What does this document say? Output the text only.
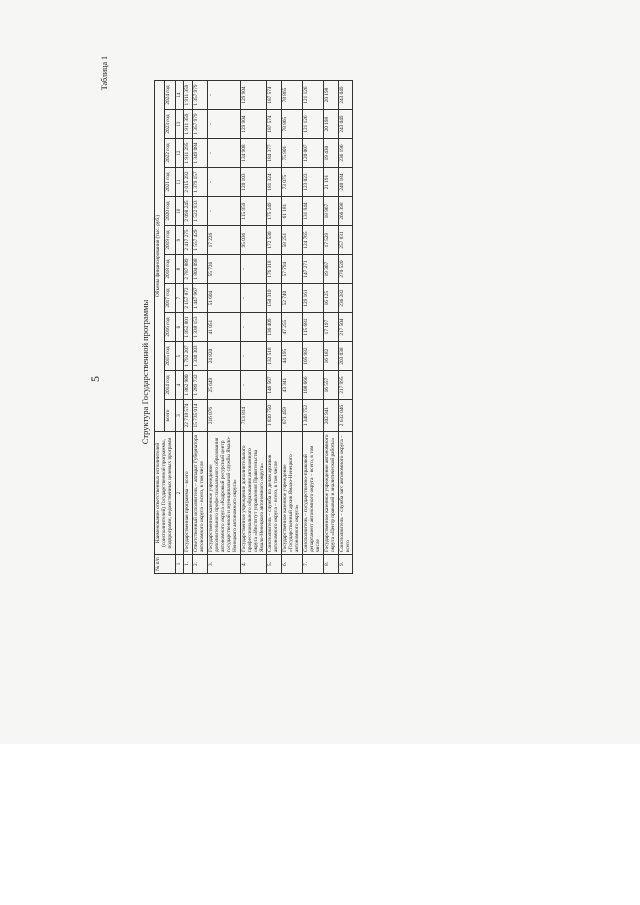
5
Таблица 1
Структура Государственной программы
№ п/п	Наименование ответственных исполнителей (соисполнителей) Государственной программы, подпрограмм, ведомственных целевых программ	Объемы финансирования (тыс. руб.)											
		всего	2014 год	2015 год	2016 год	2017 год	2018 год	2019 год	2020 год	2021 год	2022 год	2023 год	2024 год
1	2	3	4	5	6	7	8	9	10	11	12	13	14
1.	Государственная программа – всего	22 718 574	1 862 980	1 792 207	1 852 801	2 157 872	2 787 889	2 417 275	2 098 245	2 015 292	1 911 295	1 911 359	1 911 359
2.	Ответственный исполнитель – аппарат Губернатора автономного округа – всего, в том числе	15 735 014	1 289 732	1 330 303	1 338 153	1 447 967	1 804 098	1 557 429	1 522 933	1 379 157	1 349 084	1 357 979	1 357 979
3.	Государственное казенное учреждение дополнительного профессионального образования автономного округа «Кадровый ресурсный центр государственной и муниципальной службы Ямало-Ненецкого автономного округа»	216 076	25 649	24 820	41 051	51 604	55 726	17 226	-	-	-	-	-
4.	Государственное учреждение дополнительного профессионального образования автономного округа «Институт управления Правительства Ямало-Ненецкого автономного округа»	713 814	-	-	-	-	-	95 036	115 959	120 103	134 908	129 904	129 904
5.	Соисполнитель – служба по делам архивов автономного округа – всего, в том числе	1 830 750	146 567	132 518	136 409	150 310	176 318	172 530	175 249	181 324	184 377	187 574	187 574
6.	Государственное казенное учреждение «Государственный архив Ямало-Ненецкого автономного округа»	671 459	43 341	44 195	47 255	52 740	57 794	58 251	61 181	73 075	75 901	78 865	78 865
7.	Соисполнитель – государственно-правовой департамент автономного округа – всего, в том числе	1 348 752	108 666	105 982	115 681	129 161	147 271	124 765	131 944	123 023	120 007	121 126	121 126
8.	Государственное казенное учреждение автономного округа «Центр правовой и аналитической работы»	202 941	16 557	16 182	17 197	16 125	19 367	17 529	18 967	21 191	19 430	20 198	20 198
9.	Соисполнитель – служба загс автономного округа – всего	2 632 046	217 995	203 038	217 504	236 282	270 520	257 831	266 398	240 184	236 196	243 049	243 049
